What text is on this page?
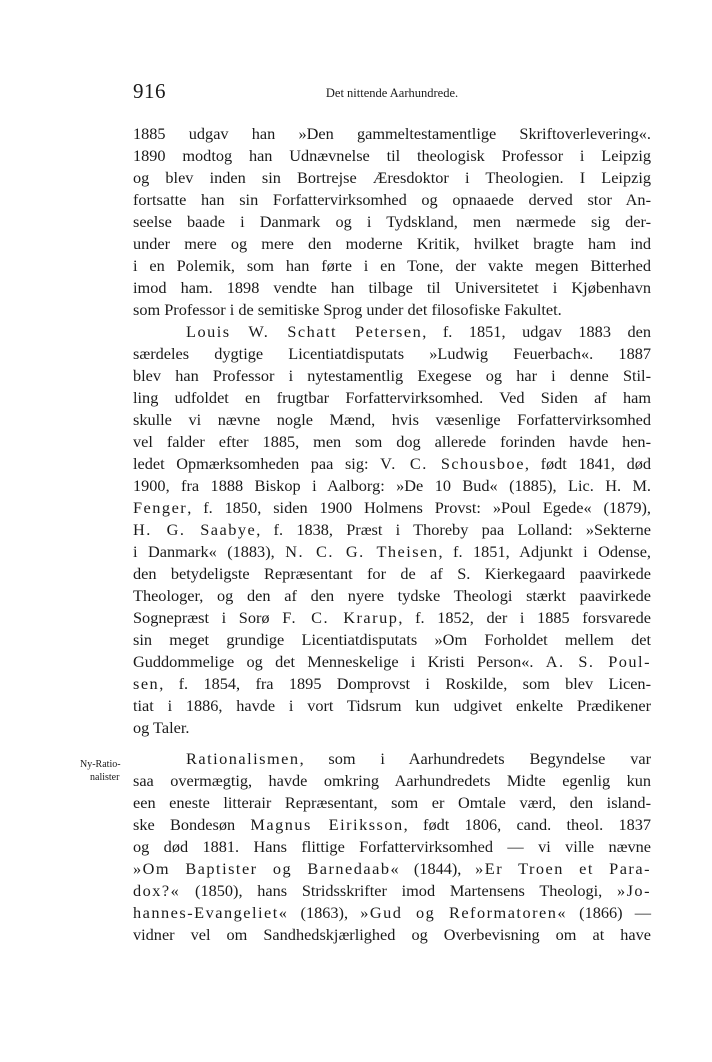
916	Det nittende Aarhundrede.
1885 udgav han »Den gammeltestamentlige Skriftoverlevering«.
1890 modtog han Udnævnelse til theologisk Professor i Leipzig
og blev inden sin Bortrejse Æresdoktor i Theologien. I Leipzig
fortsatte han sin Forfattervirksomhed og opnaaede derved stor An-
seelse baade i Danmark og i Tydskland, men nærmede sig der-
under mere og mere den moderne Kritik, hvilket bragte ham ind
i en Polemik, som han førte i en Tone, der vakte megen Bitterhed
imod ham. 1898 vendte han tilbage til Universitetet i Kjøbenhavn
som Professor i de semitiske Sprog under det filosofiske Fakultet.
Louis W. Schatt Petersen, f. 1851, udgav 1883 den
særdeles dygtige Licentiatdisputats »Ludwig Feuerbach«. 1887
blev han Professor i nytestamentlig Exegese og har i denne Stil-
ling udfoldet en frugtbar Forfattervirksomhed. Ved Siden af ham
skulle vi nævne nogle Mænd, hvis væsenlige Forfattervirksomhed
vel falder efter 1885, men som dog allerede forinden havde hen-
ledet Opmærksomheden paa sig: V. C. Schousboe, født 1841, død
1900, fra 1888 Biskop i Aalborg: »De 10 Bud« (1885), Lic. H. M.
Fenger, f. 1850, siden 1900 Holmens Provst: »Poul Egede« (1879),
H. G. Saabye, f. 1838, Præst i Thoreby paa Lolland: »Sekterne
i Danmark« (1883), N. C. G. Theisen, f. 1851, Adjunkt i Odense,
den betydeligste Repræsentant for de af S. Kierkegaard paavirkede
Theologer, og den af den nyere tydske Theologi stærkt paavirkede
Sognepræst i Sorø F. C. Krarup, f. 1852, der i 1885 forsvarede
sin meget grundige Licentiatdisputats »Om Forholdet mellem det
Guddommelige og det Menneskelige i Kristi Person«. A. S. Poul-
sen, f. 1854, fra 1895 Domprovst i Roskilde, som blev Licen-
tiat i 1886, havde i vort Tidsrum kun udgivet enkelte Prædikener
og Taler.
Ny-Ratio-
nalister
Rationalismen, som i Aarhundredets Begyndelse var
saa overmægtig, havde omkring Aarhundredets Midte egenlig kun
een eneste litterair Repræsentant, som er Omtale værd, den island-
ske Bondesøn Magnus Eiriksson, født 1806, cand. theol. 1837
og død 1881. Hans flittige Forfattervirksomhed — vi ville nævne
»Om Baptister og Barnedaab« (1844), »Er Troen et Para-
dox?« (1850), hans Stridsskrifter imod Martensens Theologi, »Jo-
hannes-Evangeliet« (1863), »Gud og Reformatoren« (1866) —
vidner vel om Sandhedskjærlighed og Overbevisning om at have
